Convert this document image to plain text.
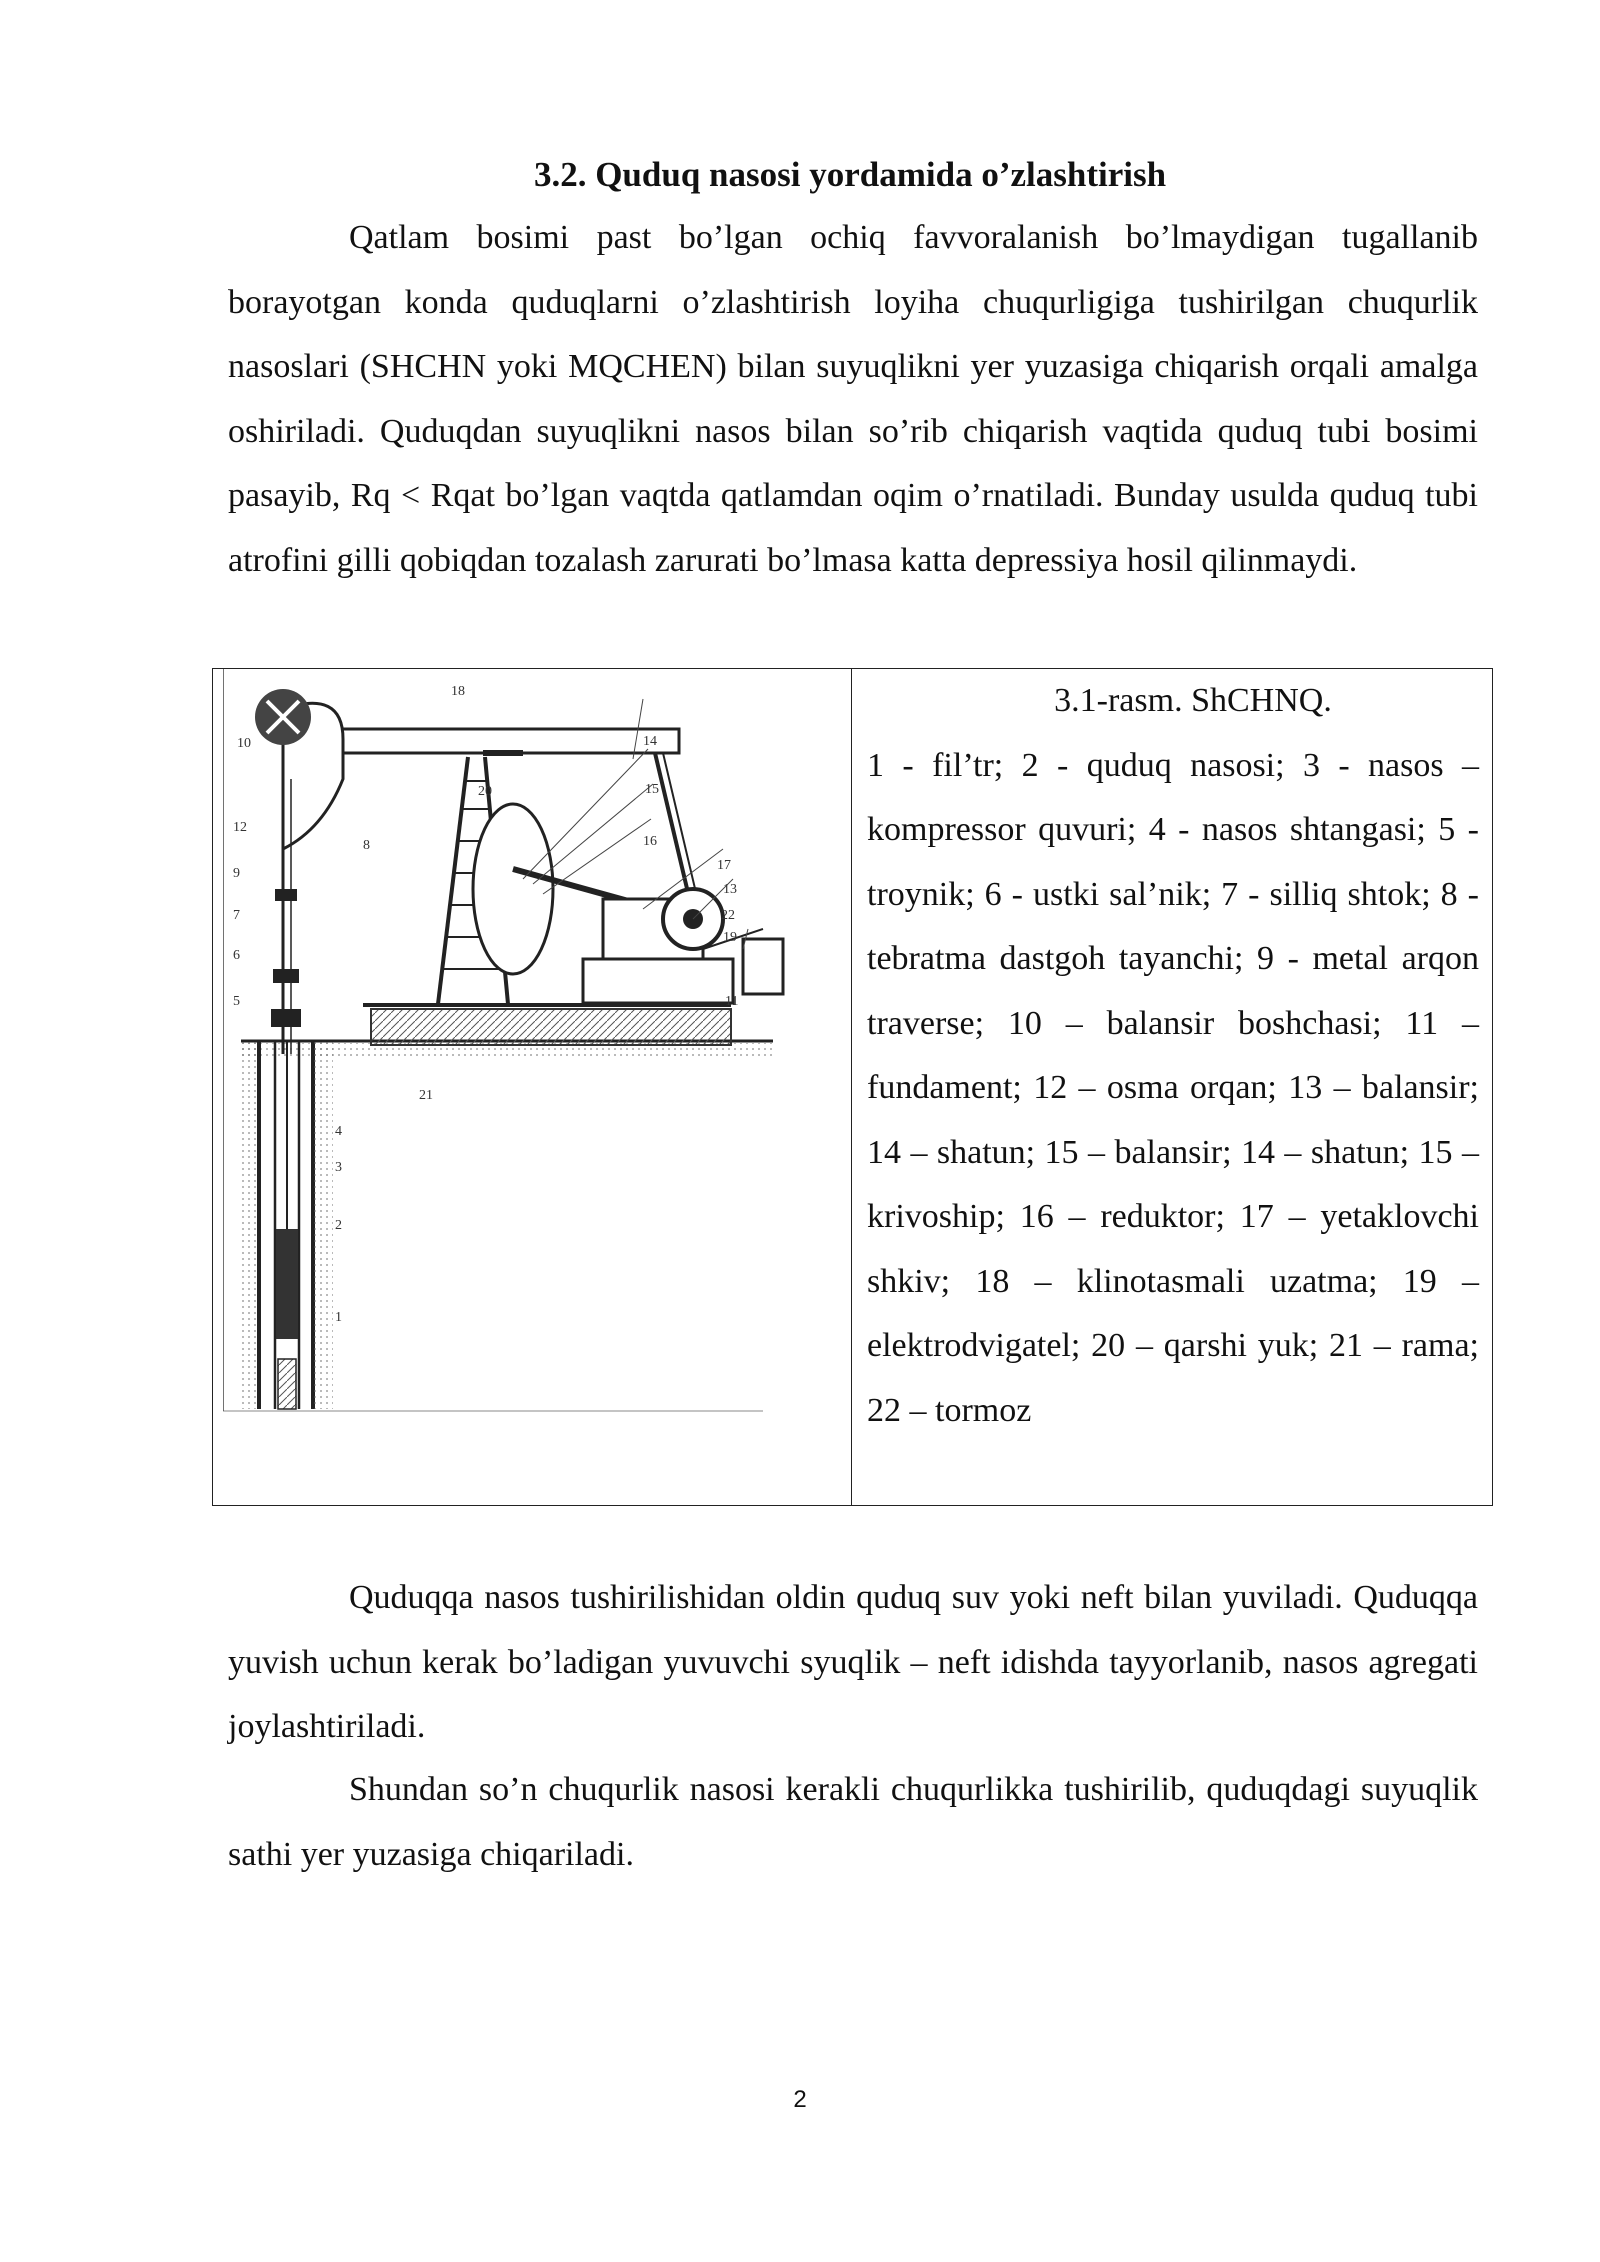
3.2. Quduq nasosi yordamida o’zlashtirish

Qatlam bosimi past bo’lgan ochiq favvoralanish bo’lmaydigan tugallanib borayotgan konda quduqlarni o’zlashtirish loyiha chuqurligiga tushirilgan chuqurlik nasoslari (SHCHN yoki MQCHEN) bilan suyuqlikni yer yuzasiga chiqarish orqali amalga oshiriladi. Quduqdan suyuqlikni nasos bilan so’rib chiqarish vaqtida quduq tubi bosimi pasayib, Rq < Rqat bo’lgan vaqtda qatlamdan oqim o’rnatiladi. Bunday usulda quduq tubi atrofini gilli qobiqdan tozalash zarurati bo’lmasa katta depressiya hosil qilinmaydi.

10
18
14
20	15
16
12
8
17
9
13
7	22
6
19
5	11
21
4
3
2
1

3.1-rasm. ShCHNQ.

1 - fil’tr; 2 - quduq nasosi; 3 - nasos – kompressor quvuri; 4 - nasos shtangasi; 5 - troynik; 6 - ustki sal’nik; 7 - silliq shtok; 8 - tebratma dastgoh tayanchi; 9 - metal arqon traverse; 10 – balansir boshchasi; 11 – fundament; 12 – osma orqan; 13 – balansir; 14 – shatun; 15 – balansir; 14 – shatun; 15 – krivoship; 16 – reduktor; 17 – yetaklovchi shkiv; 18 – klinotasmali uzatma; 19 – elektrodvigatel; 20 – qarshi yuk; 21 – rama; 22 – tormoz

Quduqqa nasos tushirilishidan oldin quduq suv yoki neft bilan yuviladi. Quduqqa yuvish uchun kerak bo’ladigan yuvuvchi syuqlik – neft idishda tayyorlanib, nasos agregati joylashtiriladi.

Shundan so’n chuqurlik nasosi kerakli chuqurlikka tushirilib, quduqdagi suyuqlik sathi yer yuzasiga chiqariladi.

2
